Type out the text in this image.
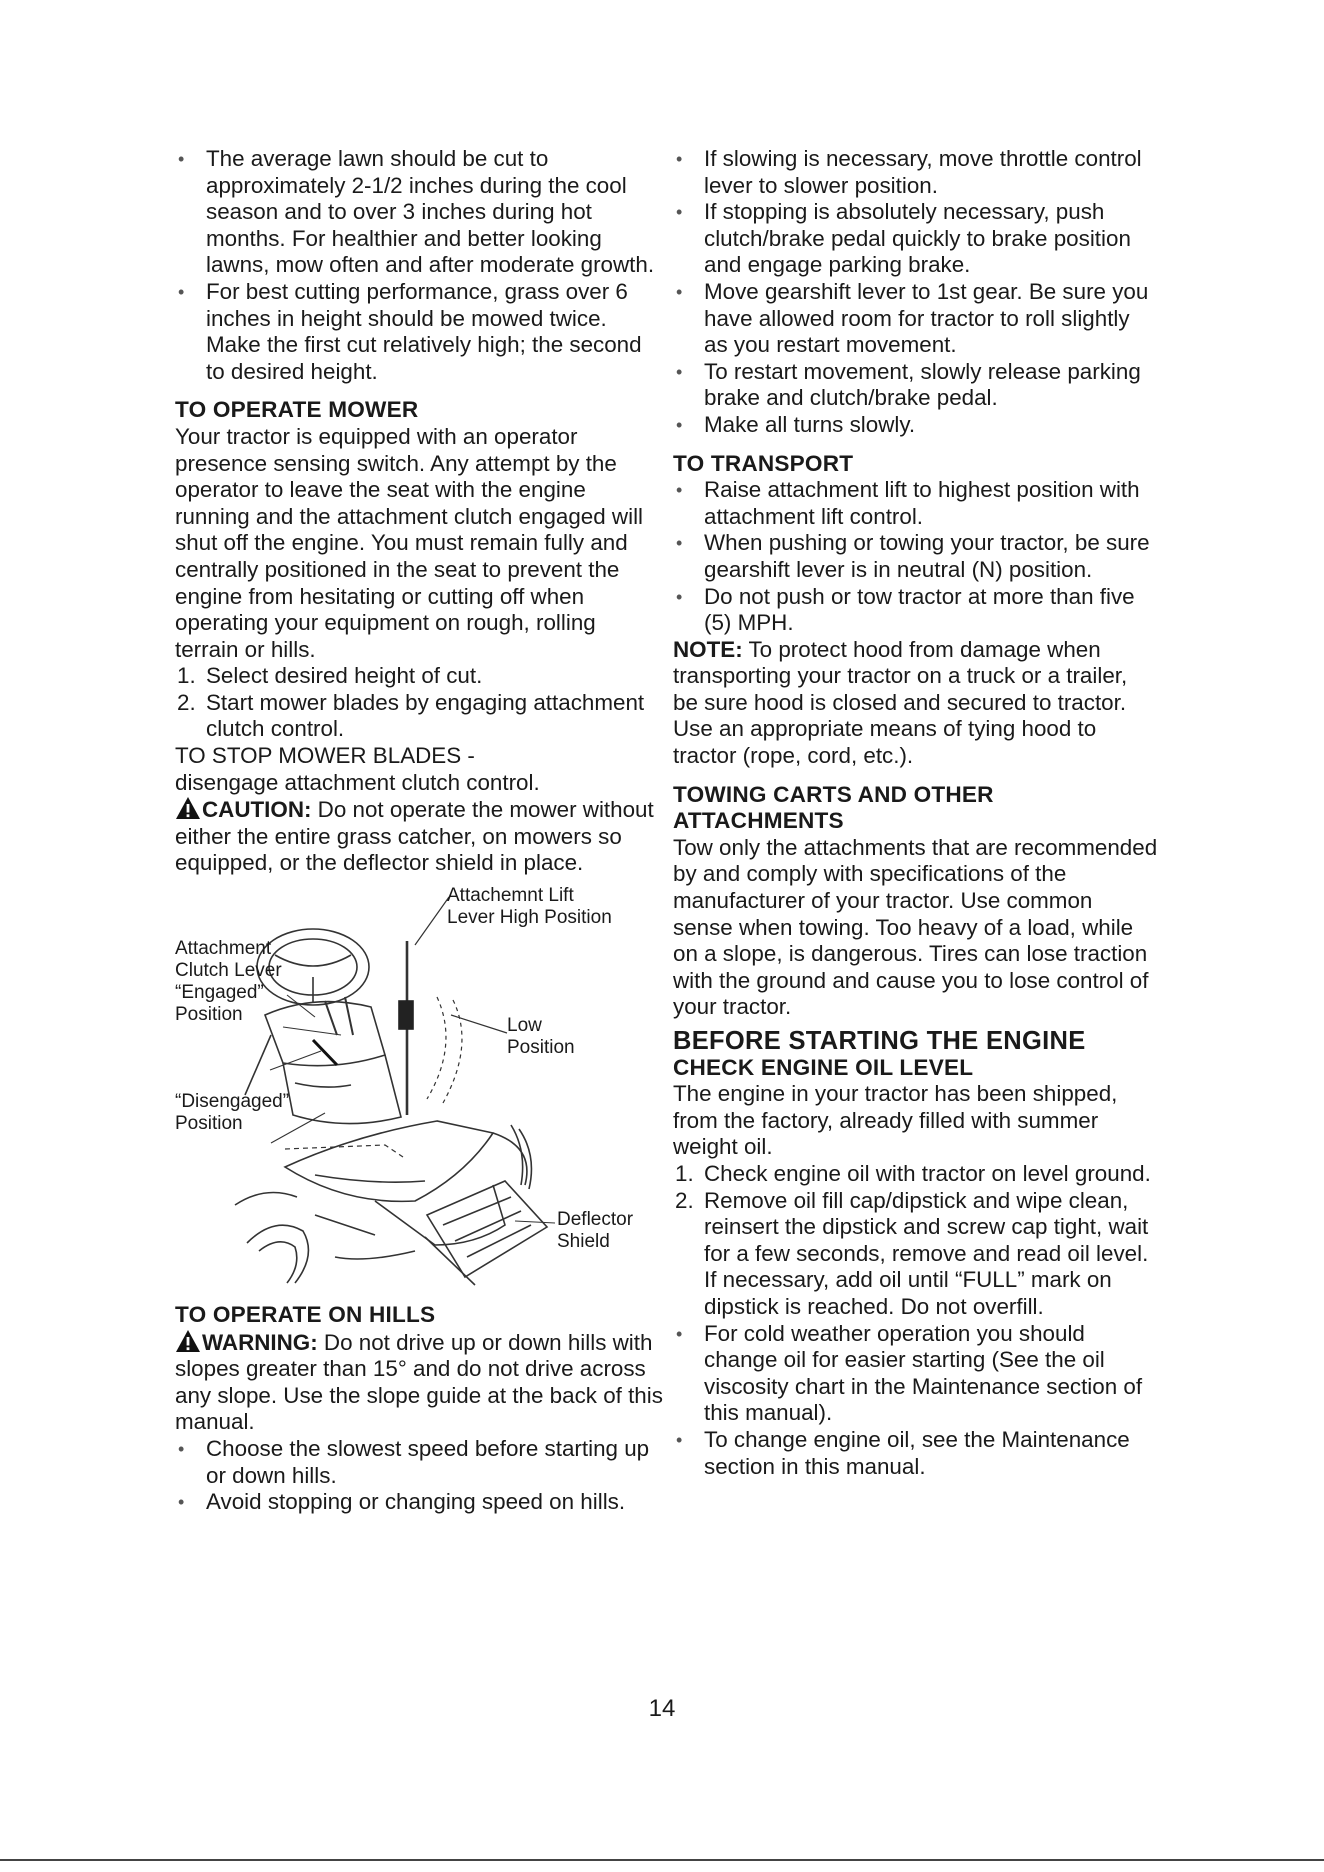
• The average lawn should be cut to approximately 2-1/2 inches during the cool season and to over 3 inches during hot months. For healthier and better looking lawns, mow often and after moderate growth.
• For best cutting performance, grass over 6 inches in height should be mowed twice. Make the first cut relatively high; the second to desired height.
TO OPERATE MOWER

Your tractor is equipped with an operator presence sensing switch. Any attempt by the operator to leave the seat with the engine running and the attachment clutch engaged will shut off the engine. You must remain fully and centrally positioned in the seat to prevent the engine from hesitating or cutting off when operating your equipment on rough, rolling terrain or hills.

1. Select desired height of cut.
2. Start mower blades by engaging attachment clutch control.

TO STOP MOWER BLADES -

disengage attachment clutch control.

CAUTION: Do not operate the mower without either the entire grass catcher, on mowers so equipped, or the deflector shield in place.

Attachemnt Lift
Lever High Position
Attachment
Clutch Lever
“Engaged”
Position
Low
Position
“Disengaged”
Position
Deflector
Shield
TO OPERATE ON HILLS

WARNING: Do not drive up or down hills with slopes greater than 15° and do not drive across any slope. Use the slope guide at the back of this manual.

• Choose the slowest speed before starting up or down hills.
• Avoid stopping or changing speed on hills.
• If slowing is necessary, move throttle control lever to slower position.
• If stopping is absolutely necessary, push clutch/brake pedal quickly to brake position and engage parking brake.
• Move gearshift lever to 1st gear. Be sure you have allowed room for tractor to roll slightly as you restart movement.
• To restart movement, slowly release parking brake and clutch/brake pedal.
• Make all turns slowly.
TO TRANSPORT
• Raise attachment lift to highest position with attachment lift control.
• When pushing or towing your tractor, be sure gearshift lever is in neutral (N) position.
• Do not push or tow tractor at more than five (5) MPH.

NOTE: To protect hood from damage when transporting your tractor on a truck or a trailer, be sure hood is closed and secured to tractor. Use an appropriate means of tying hood to tractor (rope, cord, etc.).

TOWING CARTS AND OTHER ATTACHMENTS

Tow only the attachments that are recommended by and comply with specifications of the manufacturer of your tractor. Use common sense when towing. Too heavy of a load, while on a slope, is dangerous. Tires can lose traction with the ground and cause you to lose control of your tractor.

BEFORE STARTING THE ENGINE
CHECK ENGINE OIL LEVEL

The engine in your tractor has been shipped, from the factory, already filled with summer weight oil.

1. Check engine oil with tractor on level ground.
2. Remove oil fill cap/dipstick and wipe clean, reinsert the dipstick and screw cap tight, wait for a few seconds, remove and read oil level. If necessary, add oil until “FULL” mark on dipstick is reached. Do not overfill.
• For cold weather operation you should change oil for easier starting (See the oil viscosity chart in the Maintenance section of this manual).
• To change engine oil, see the Maintenance section in this manual.
14
